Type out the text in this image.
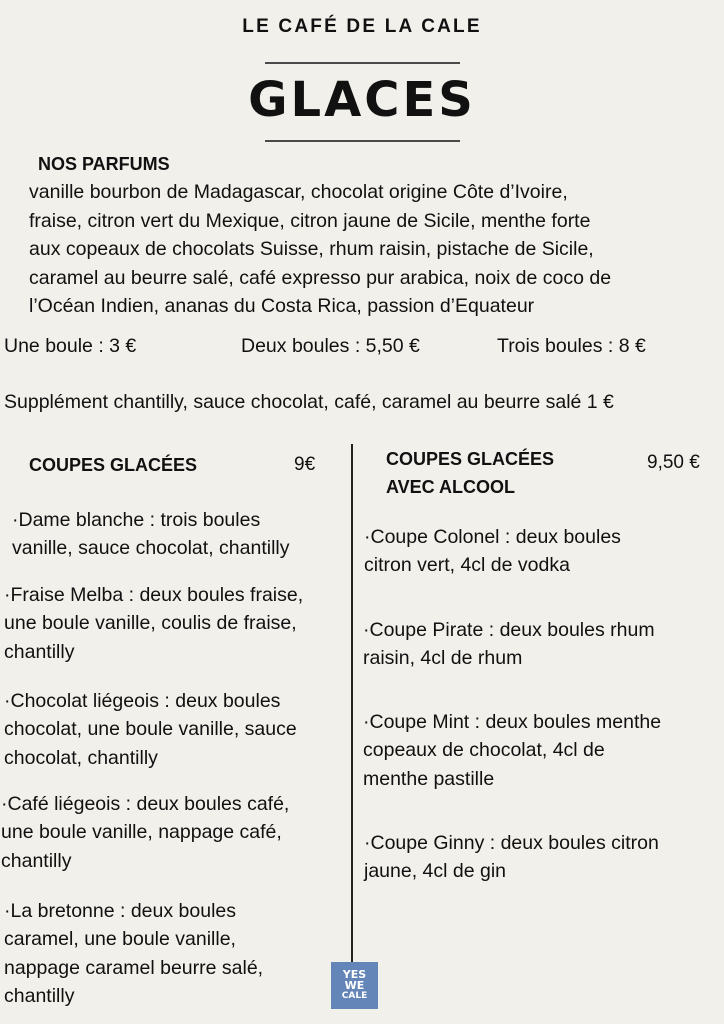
LE CAFÉ DE LA CALE
GLACES
NOS PARFUMS
vanille bourbon de Madagascar, chocolat origine Côte d’Ivoire,
fraise, citron vert du Mexique, citron jaune de Sicile, menthe forte
aux copeaux de chocolats Suisse, rhum raisin, pistache de Sicile,
caramel au beurre salé, café expresso pur arabica, noix de coco de
l’Océan Indien, ananas du Costa Rica, passion d’Equateur
Une boule : 3 €	Deux boules : 5,50 €	Trois boules : 8 €
Supplément chantilly, sauce chocolat, café, caramel au beurre salé 1 €
COUPES GLACÉES	9€
·Dame blanche : trois boules
vanille, sauce chocolat, chantilly
·Fraise Melba : deux boules fraise,
une boule vanille, coulis de fraise,
chantilly
·Chocolat liégeois : deux boules
chocolat, une boule vanille, sauce
chocolat, chantilly
·Café liégeois : deux boules café,
une boule vanille, nappage café,
chantilly
·La bretonne : deux boules
caramel, une boule vanille,
nappage caramel beurre salé,
chantilly
COUPES GLACÉES
AVEC ALCOOL
9,50 €
·Coupe Colonel : deux boules
citron vert, 4cl de vodka
·Coupe Pirate : deux boules rhum
raisin, 4cl de rhum
·Coupe Mint : deux boules menthe
copeaux de chocolat, 4cl de
menthe pastille
·Coupe Ginny : deux boules citron
jaune, 4cl de gin
YES
WE
CALE
